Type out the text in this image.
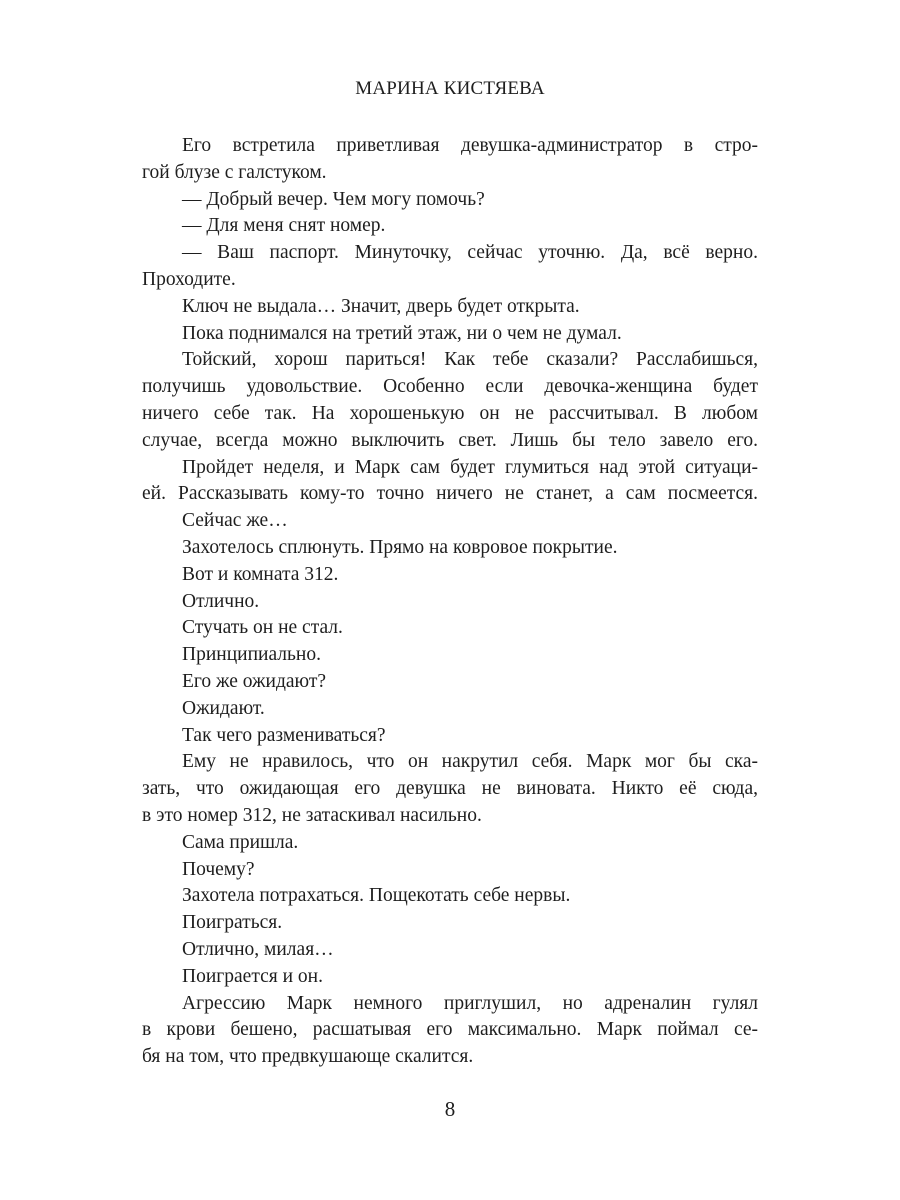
МАРИНА КИСТЯЕВА
Его встретила приветливая девушка-администратор в стро-
гой блузе с галстуком.
— Добрый вечер. Чем могу помочь?
— Для меня снят номер.
— Ваш паспорт. Минуточку, сейчас уточню. Да, всё верно.
Проходите.
Ключ не выдала… Значит, дверь будет открыта.
Пока поднимался на третий этаж, ни о чем не думал.
Тойский, хорош париться! Как тебе сказали? Расслабишься,
получишь удовольствие. Особенно если девочка-женщина будет
ничего себе так. На хорошенькую он не рассчитывал. В любом
случае, всегда можно выключить свет. Лишь бы тело завело его.
Пройдет неделя, и Марк сам будет глумиться над этой ситуаци-
ей. Рассказывать кому-то точно ничего не станет, а сам посмеется.
Сейчас же…
Захотелось сплюнуть. Прямо на ковровое покрытие.
Вот и комната 312.
Отлично.
Стучать он не стал.
Принципиально.
Его же ожидают?
Ожидают.
Так чего размениваться?
Ему не нравилось, что он накрутил себя. Марк мог бы ска-
зать, что ожидающая его девушка не виновата. Никто её сюда,
в это номер 312, не затаскивал насильно.
Сама пришла.
Почему?
Захотела потрахаться. Пощекотать себе нервы.
Поиграться.
Отлично, милая…
Поиграется и он.
Агрессию Марк немного приглушил, но адреналин гулял
в крови бешено, расшатывая его максимально. Марк поймал се-
бя на том, что предвкушающе скалится.
8
